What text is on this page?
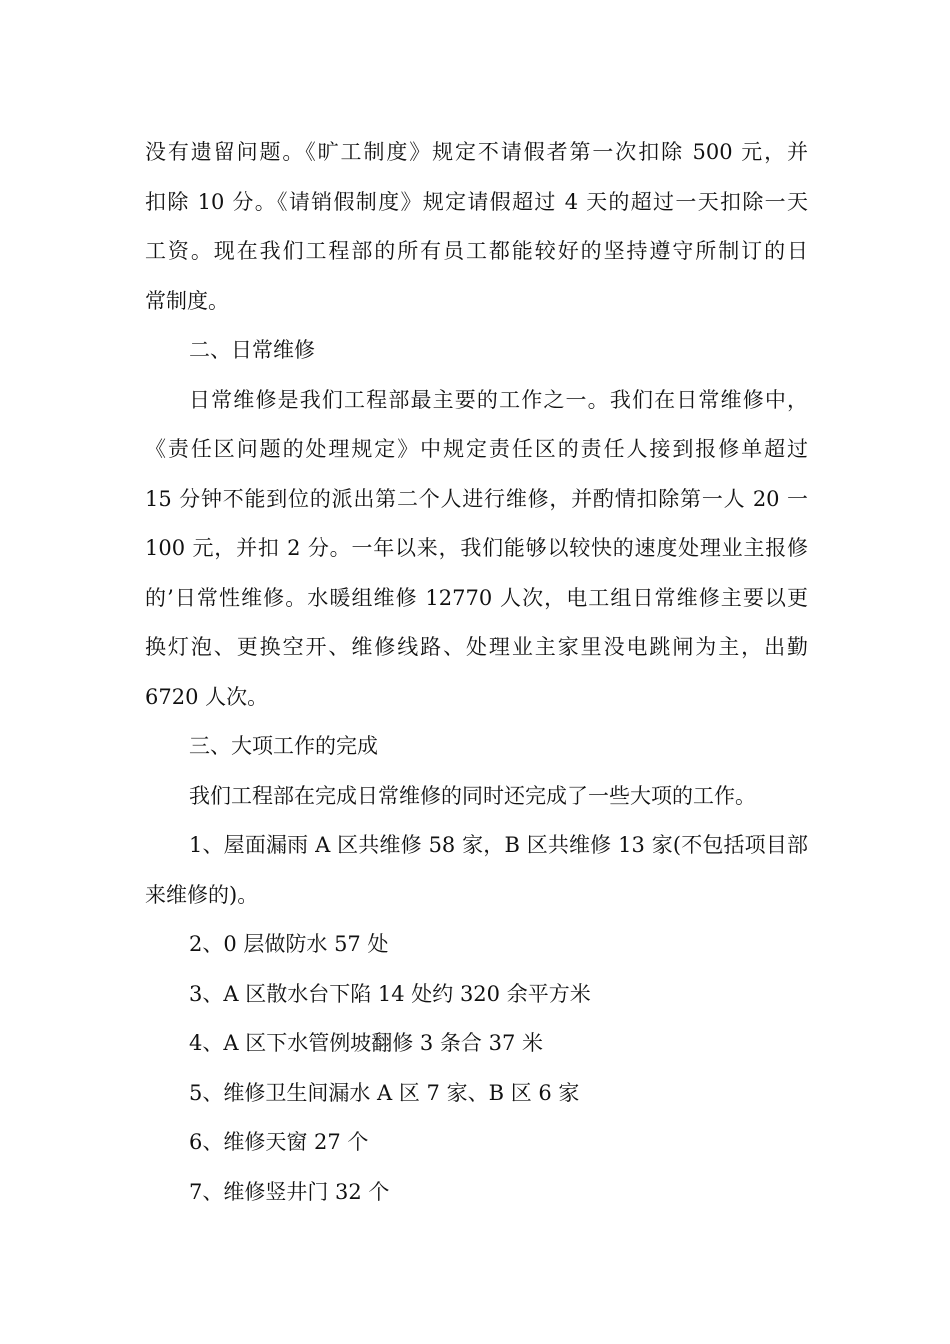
没有遗留问题。《旷工制度》规定不请假者第一次扣除 500 元，并
扣除 10 分。《请销假制度》规定请假超过 4 天的超过一天扣除一天
工资。现在我们工程部的所有员工都能较好的坚持遵守所制订的日
常制度。
二、日常维修
日常维修是我们工程部最主要的工作之一。我们在日常维修中，
《责任区问题的处理规定》中规定责任区的责任人接到报修单超过
15 分钟不能到位的派出第二个人进行维修，并酌情扣除第一人 20 一
100 元，并扣 2 分。一年以来，我们能够以较快的速度处理业主报修
的’日常性维修。水暖组维修 12770 人次，电工组日常维修主要以更
换灯泡、更换空开、维修线路、处理业主家里没电跳闸为主，出勤
6720 人次。
三、大项工作的完成
我们工程部在完成日常维修的同时还完成了一些大项的工作。
1、屋面漏雨 A 区共维修 58 家，B 区共维修 13 家(不包括项目部
来维修的)。
2、0 层做防水 57 处
3、A 区散水台下陷 14 处约 320 余平方米
4、A 区下水管例坡翻修 3 条合 37 米
5、维修卫生间漏水 A 区 7 家、B 区 6 家
6、维修天窗 27 个
7、维修竖井门 32 个
